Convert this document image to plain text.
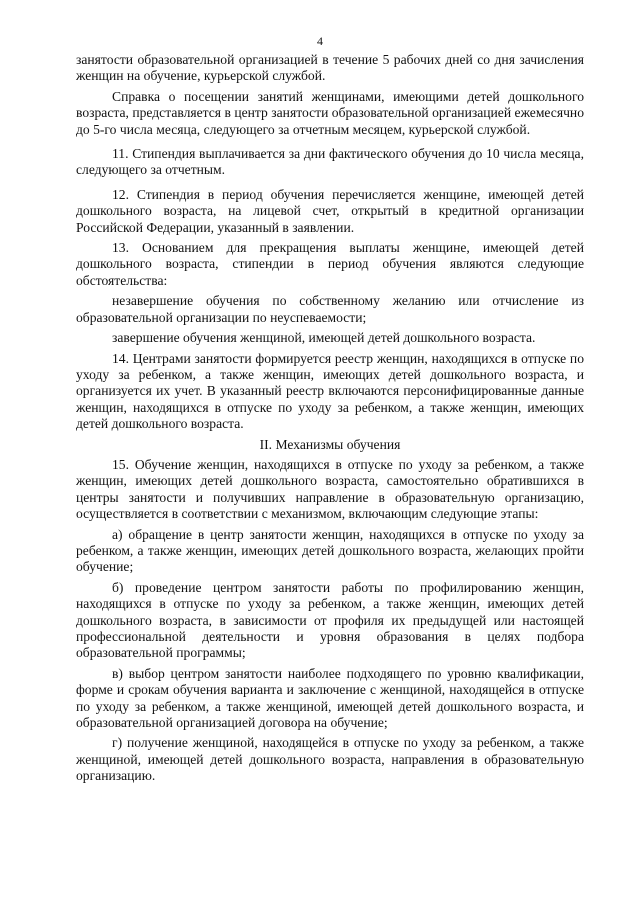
4

занятости образовательной организацией в течение 5 рабочих дней со дня зачисления женщин на обучение, курьерской службой.

Справка о посещении занятий женщинами, имеющими детей дошкольного возраста, представляется в центр занятости образовательной организацией ежемесячно до 5-го числа месяца, следующего за отчетным месяцем, курьерской службой.

11. Стипендия выплачивается за дни фактического обучения до 10 числа месяца, следующего за отчетным.

12. Стипендия в период обучения перечисляется женщине, имеющей детей дошкольного возраста, на лицевой счет, открытый в кредитной организации Российской Федерации, указанный в заявлении.

13. Основанием для прекращения выплаты женщине, имеющей детей дошкольного возраста, стипендии в период обучения являются следующие обстоятельства:

незавершение обучения по собственному желанию или отчисление из образовательной организации по неуспеваемости;

завершение обучения женщиной, имеющей детей дошкольного возраста.

14. Центрами занятости формируется реестр женщин, находящихся в отпуске по уходу за ребенком, а также женщин, имеющих детей дошкольного возраста, и организуется их учет. В указанный реестр включаются персонифицированные данные женщин, находящихся в отпуске по уходу за ребенком, а также женщин, имеющих детей дошкольного возраста.

II. Механизмы обучения

15. Обучение женщин, находящихся в отпуске по уходу за ребенком, а также женщин, имеющих детей дошкольного возраста, самостоятельно обратившихся в центры занятости и получивших направление в образовательную организацию, осуществляется в соответствии с механизмом, включающим следующие этапы:

а) обращение в центр занятости женщин, находящихся в отпуске по уходу за ребенком, а также женщин, имеющих детей дошкольного возраста, желающих пройти обучение;

б) проведение центром занятости работы по профилированию женщин, находящихся в отпуске по уходу за ребенком, а также женщин, имеющих детей дошкольного возраста, в зависимости от профиля их предыдущей или настоящей профессиональной деятельности и уровня образования в целях подбора образовательной программы;

в) выбор центром занятости наиболее подходящего по уровню квалификации, форме и срокам обучения варианта и заключение с женщиной, находящейся в отпуске по уходу за ребенком, а также женщиной, имеющей детей дошкольного возраста, и образовательной организацией договора на обучение;

г) получение женщиной, находящейся в отпуске по уходу за ребенком, а также женщиной, имеющей детей дошкольного возраста, направления в образовательную организацию.
